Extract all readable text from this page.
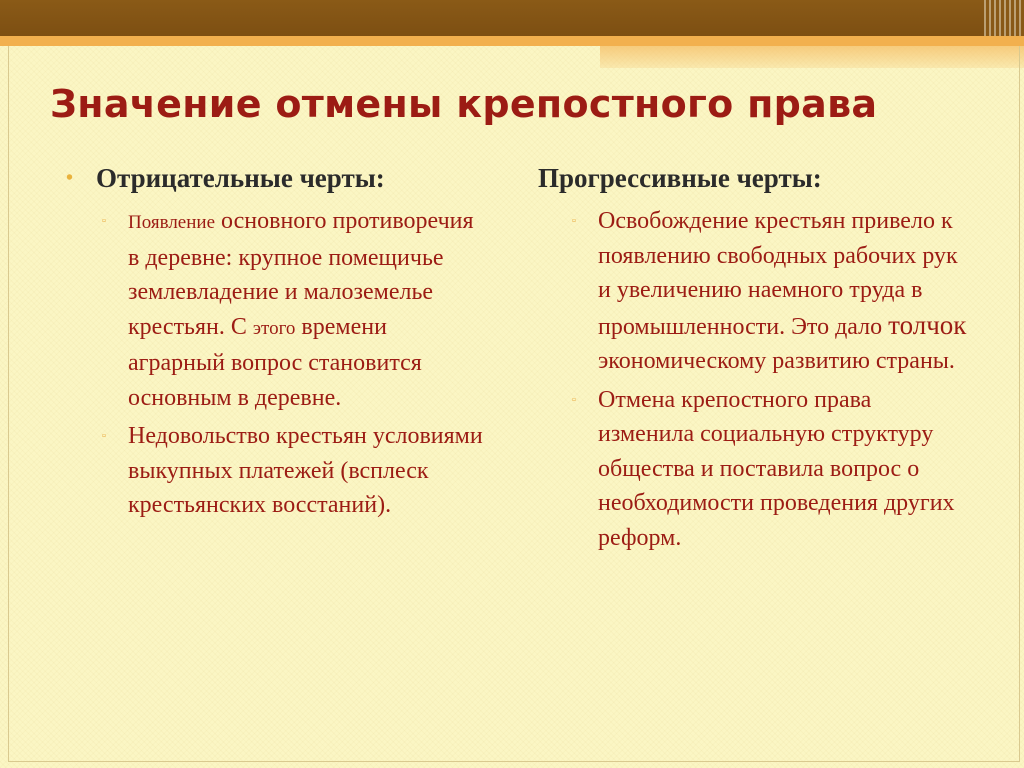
Значение отмены крепостного права
• Отрицательные черты:
▫ Появление основного противоречия в деревне: крупное помещичье землевладение и малоземелье крестьян. С этого времени аграрный вопрос становится основным в деревне.
▫ Недовольство крестьян условиями выкупных платежей (всплеск крестьянских восстаний).
Прогрессивные черты:
▫ Освобождение крестьян привело к появлению свободных рабочих рук и увеличению наемного труда в промышленности. Это дало толчок экономическому развитию страны.
▫ Отмена крепостного права изменила социальную структуру общества и поставила вопрос о необходимости проведения других реформ.
